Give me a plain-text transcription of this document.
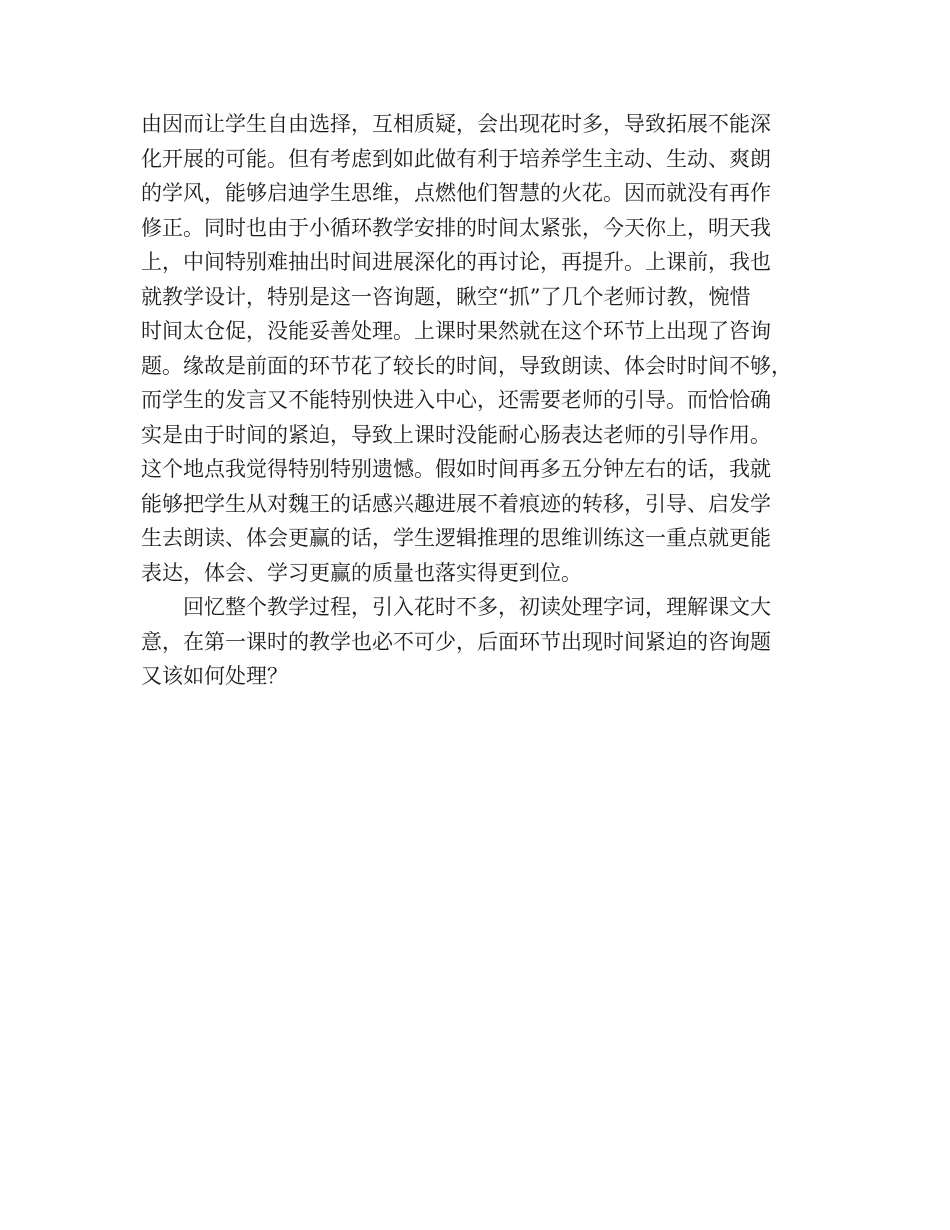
由因而让学生自由选择，互相质疑，会出现花时多，导致拓展不能深
化开展的可能。但有考虑到如此做有利于培养学生主动、生动、爽朗
的学风，能够启迪学生思维，点燃他们智慧的火花。因而就没有再作
修正。同时也由于小循环教学安排的时间太紧张，今天你上，明天我
上，中间特别难抽出时间进展深化的再讨论，再提升。上课前，我也
就教学设计，特别是这一咨询题，瞅空“抓”了几个老师讨教，惋惜
时间太仓促，没能妥善处理。上课时果然就在这个环节上出现了咨询
题。缘故是前面的环节花了较长的时间，导致朗读、体会时时间不够，
而学生的发言又不能特别快进入中心，还需要老师的引导。而恰恰确
实是由于时间的紧迫，导致上课时没能耐心肠表达老师的引导作用。
这个地点我觉得特别特别遗憾。假如时间再多五分钟左右的话，我就
能够把学生从对魏王的话感兴趣进展不着痕迹的转移，引导、启发学
生去朗读、体会更赢的话，学生逻辑推理的思维训练这一重点就更能
表达，体会、学习更赢的质量也落实得更到位。
回忆整个教学过程，引入花时不多，初读处理字词，理解课文大
意，在第一课时的教学也必不可少，后面环节出现时间紧迫的咨询题
又该如何处理？
